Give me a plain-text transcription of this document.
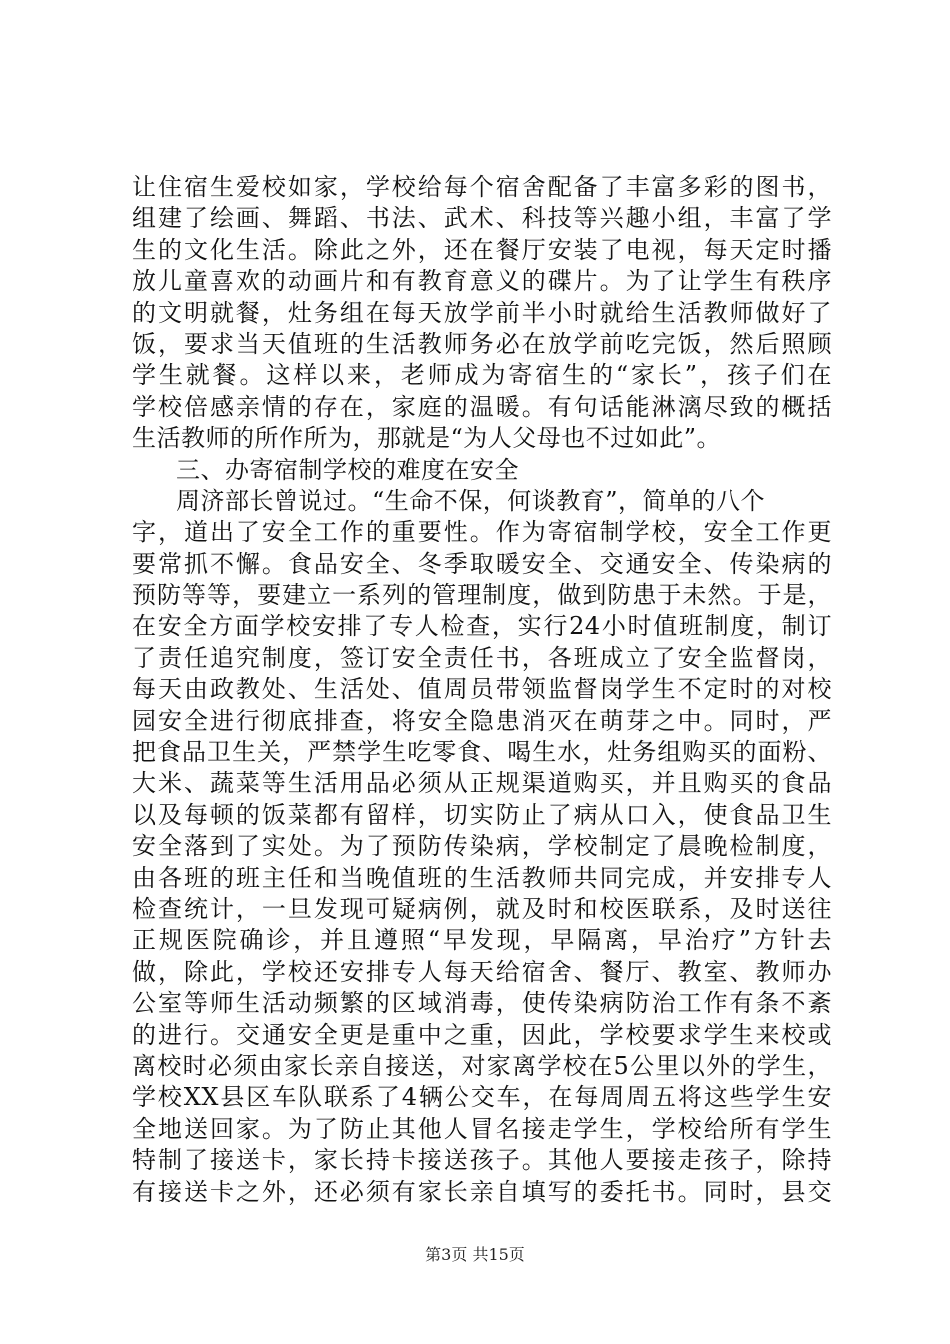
让住宿生爱校如家，学校给每个宿舍配备了丰富多彩的图书，
组建了绘画、舞蹈、书法、武术、科技等兴趣小组，丰富了学
生的文化生活。除此之外，还在餐厅安装了电视，每天定时播
放儿童喜欢的动画片和有教育意义的碟片。为了让学生有秩序
的文明就餐，灶务组在每天放学前半小时就给生活教师做好了
饭，要求当天值班的生活教师务必在放学前吃完饭，然后照顾
学生就餐。这样以来，老师成为寄宿生的“家长”，孩子们在
学校倍感亲情的存在，家庭的温暖。有句话能淋漓尽致的概括
生活教师的所作所为，那就是“为人父母也不过如此”。
三、办寄宿制学校的难度在安全
周济部长曾说过。“生命不保，何谈教育”，简单的八个
字，道出了安全工作的重要性。作为寄宿制学校，安全工作更
要常抓不懈。食品安全、冬季取暖安全、交通安全、传染病的
预防等等，要建立一系列的管理制度，做到防患于未然。于是，
在安全方面学校安排了专人检查，实行24小时值班制度，制订
了责任追究制度，签订安全责任书，各班成立了安全监督岗，
每天由政教处、生活处、值周员带领监督岗学生不定时的对校
园安全进行彻底排查，将安全隐患消灭在萌芽之中。同时，严
把食品卫生关，严禁学生吃零食、喝生水，灶务组购买的面粉、
大米、蔬菜等生活用品必须从正规渠道购买，并且购买的食品
以及每顿的饭菜都有留样，切实防止了病从口入，使食品卫生
安全落到了实处。为了预防传染病，学校制定了晨晚检制度，
由各班的班主任和当晚值班的生活教师共同完成，并安排专人
检查统计，一旦发现可疑病例，就及时和校医联系，及时送往
正规医院确诊，并且遵照“早发现，早隔离，早治疗”方针去
做，除此，学校还安排专人每天给宿舍、餐厅、教室、教师办
公室等师生活动频繁的区域消毒，使传染病防治工作有条不紊
的进行。交通安全更是重中之重，因此，学校要求学生来校或
离校时必须由家长亲自接送，对家离学校在5公里以外的学生，
学校XX县区车队联系了4辆公交车，在每周周五将这些学生安
全地送回家。为了防止其他人冒名接走学生，学校给所有学生
特制了接送卡，家长持卡接送孩子。其他人要接走孩子，除持
有接送卡之外，还必须有家长亲自填写的委托书。同时，县交
第3页 共15页
